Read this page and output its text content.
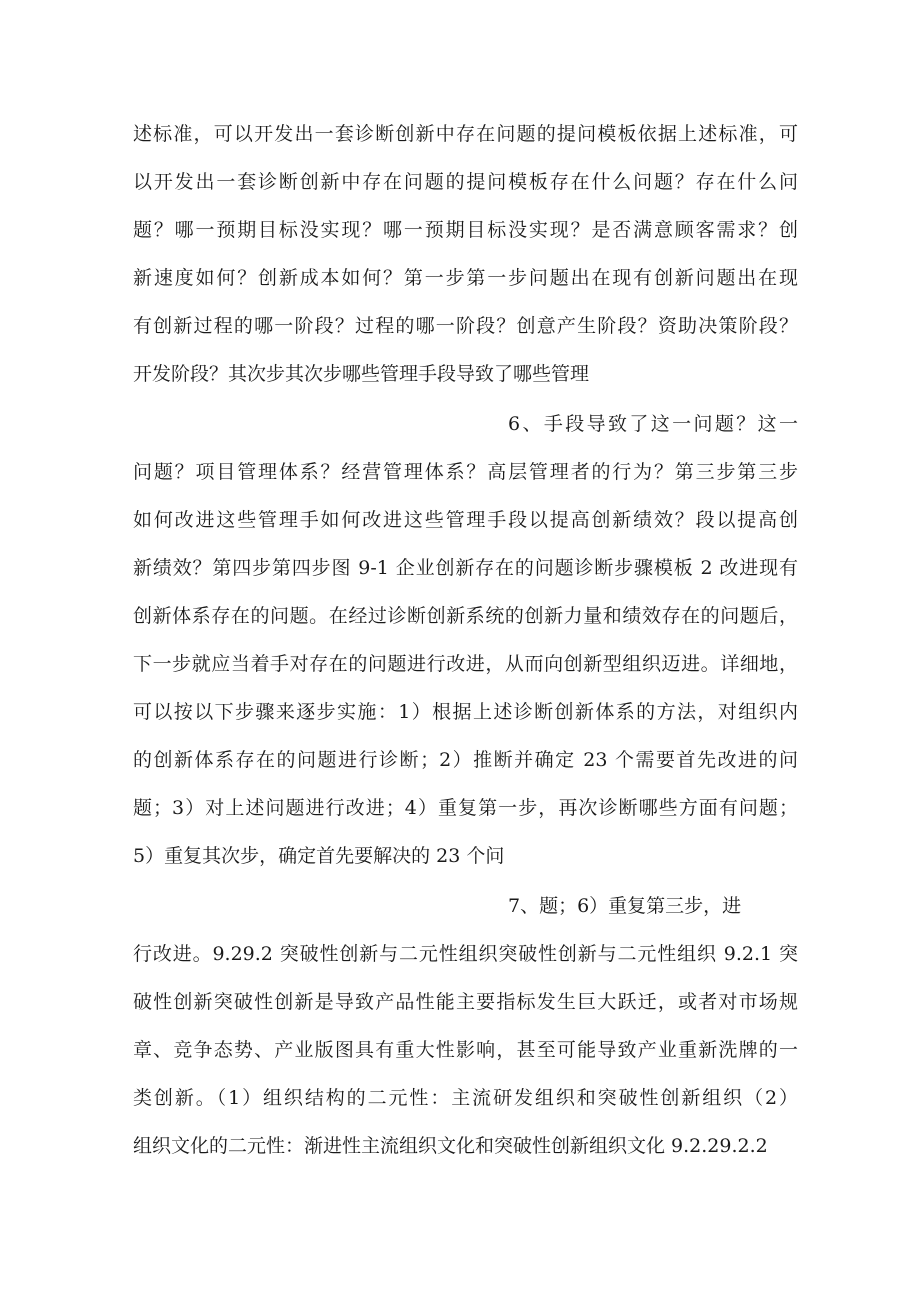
述标准，可以开发出一套诊断创新中存在问题的提问模板依据上述标准，可
以开发出一套诊断创新中存在问题的提问模板存在什么问题？存在什么问
题？哪一预期目标没实现？哪一预期目标没实现？是否满意顾客需求？创
新速度如何？创新成本如何？第一步第一步问题出在现有创新问题出在现
有创新过程的哪一阶段？过程的哪一阶段？创意产生阶段？资助决策阶段？
开发阶段？其次步其次步哪些管理手段导致了哪些管理
6、手段导致了这一问题？这一
问题？项目管理体系？经营管理体系？高层管理者的行为？第三步第三步
如何改进这些管理手如何改进这些管理手段以提高创新绩效？段以提高创
新绩效？第四步第四步图 9-1 企业创新存在的问题诊断步骤模板 2 改进现有
创新体系存在的问题。在经过诊断创新系统的创新力量和绩效存在的问题后，
下一步就应当着手对存在的问题进行改进，从而向创新型组织迈进。详细地，
可以按以下步骤来逐步实施：1）根据上述诊断创新体系的方法，对组织内
的创新体系存在的问题进行诊断；2）推断并确定 23 个需要首先改进的问
题；3）对上述问题进行改进；4）重复第一步，再次诊断哪些方面有问题；
5）重复其次步，确定首先要解决的 23 个问
7、题；6）重复第三步，进
行改进。9.29.2 突破性创新与二元性组织突破性创新与二元性组织 9.2.1 突
破性创新突破性创新是导致产品性能主要指标发生巨大跃迁，或者对市场规
章、竞争态势、产业版图具有重大性影响，甚至可能导致产业重新洗牌的一
类创新。（1）组织结构的二元性：主流研发组织和突破性创新组织（2）
组织文化的二元性：渐进性主流组织文化和突破性创新组织文化 9.2.29.2.2
